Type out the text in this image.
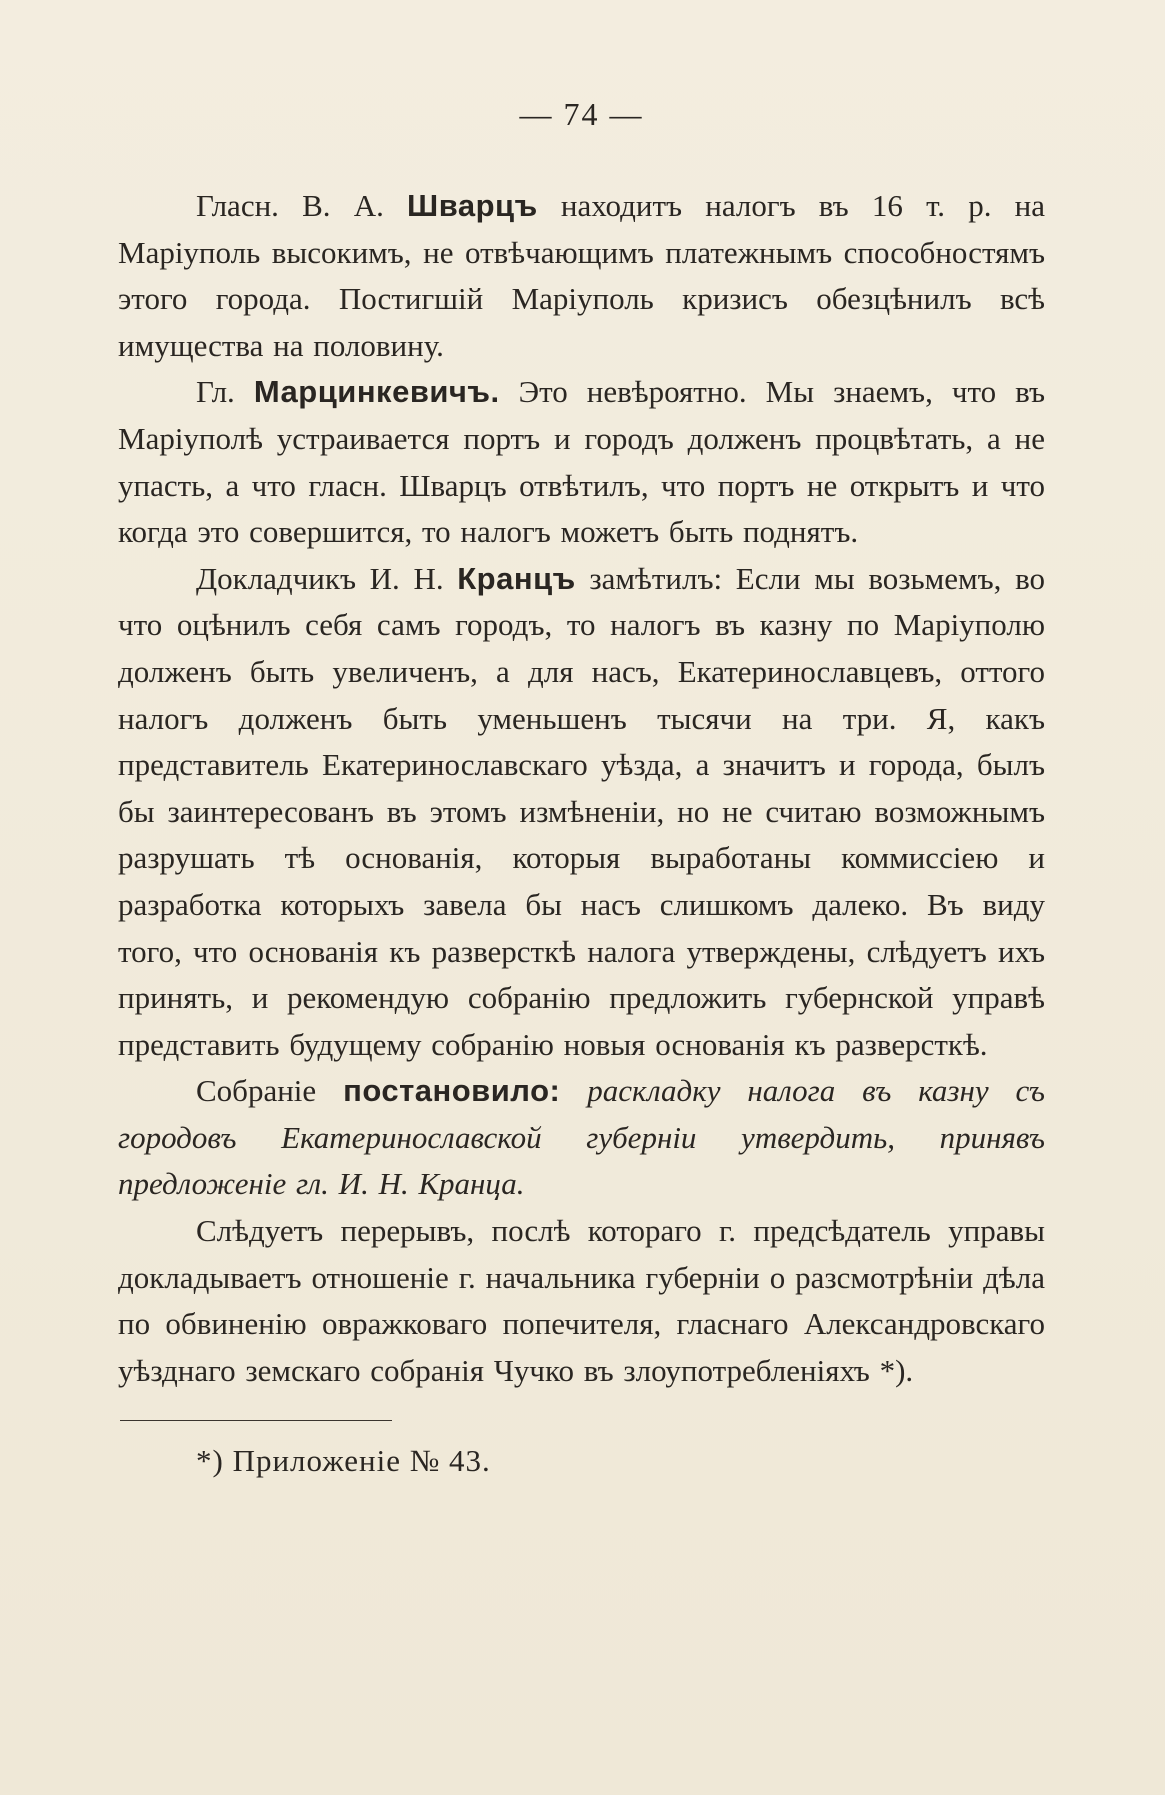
— 74 —

Гласн. В. А. Шварцъ находитъ налогъ въ 16 т. р. на Маріуполь высокимъ, не отвѣчающимъ платежнымъ способностямъ этого города. Постигшій Маріуполь кризисъ обезцѣнилъ всѣ имущества на половину.

Гл. Марцинкевичъ. Это невѣроятно. Мы знаемъ, что въ Маріуполѣ устраивается портъ и городъ долженъ процвѣтать, а не упасть, а что гласн. Шварцъ отвѣтилъ, что портъ не открытъ и что когда это совершится, то налогъ можетъ быть поднятъ.

Докладчикъ И. Н. Кранцъ замѣтилъ: Если мы возьмемъ, во что оцѣнилъ себя самъ городъ, то налогъ въ казну по Маріуполю долженъ быть увеличенъ, а для насъ, Екатеринославцевъ, оттого налогъ долженъ быть уменьшенъ тысячи на три. Я, какъ представитель Екатеринославскаго уѣзда, а значитъ и города, былъ бы заинтересованъ въ этомъ измѣненіи, но не считаю возможнымъ разрушать тѣ основанія, которыя выработаны коммиссіею и разработка которыхъ завела бы насъ слишкомъ далеко. Въ виду того, что основанія къ разверсткѣ налога утверждены, слѣдуетъ ихъ принять, и рекомендую собранію предложить губернской управѣ представить будущему собранію новыя основанія къ разверсткѣ.

Собраніе постановило: раскладку налога въ казну съ городовъ Екатеринославской губерніи утвердить, принявъ предложеніе гл. И. Н. Кранца.

Слѣдуетъ перерывъ, послѣ котораго г. предсѣдатель управы докладываетъ отношеніе г. начальника губерніи о разсмотрѣніи дѣла по обвиненію овражковаго попечителя, гласнаго Александровскаго уѣзднаго земскаго собранія Чучко въ злоупотребленіяхъ *).

*) Приложеніе № 43.
